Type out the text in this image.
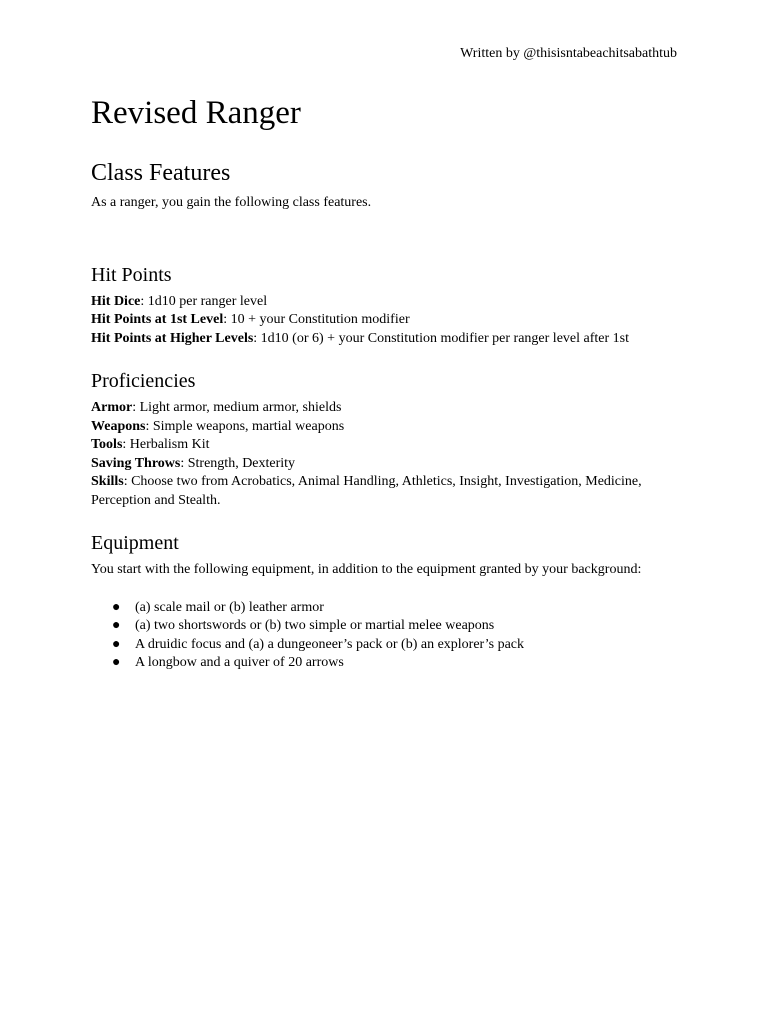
Written by @thisisntabeachitsabathtub
Revised Ranger
Class Features

As a ranger, you gain the following class features.

Hit Points
Hit Dice: 1d10 per ranger level
Hit Points at 1st Level: 10 + your Constitution modifier
Hit Points at Higher Levels: 1d10 (or 6) + your Constitution modifier per ranger level after 1st
Proficiencies
Armor: Light armor, medium armor, shields
Weapons: Simple weapons, martial weapons
Tools: Herbalism Kit
Saving Throws: Strength, Dexterity
Skills: Choose two from Acrobatics, Animal Handling, Athletics, Insight, Investigation, Medicine, Perception and Stealth.
Equipment

You start with the following equipment, in addition to the equipment granted by your background:

● (a) scale mail or (b) leather armor
● (a) two shortswords or (b) two simple or martial melee weapons
● A druidic focus and (a) a dungeoneer’s pack or (b) an explorer’s pack
● A longbow and a quiver of 20 arrows
